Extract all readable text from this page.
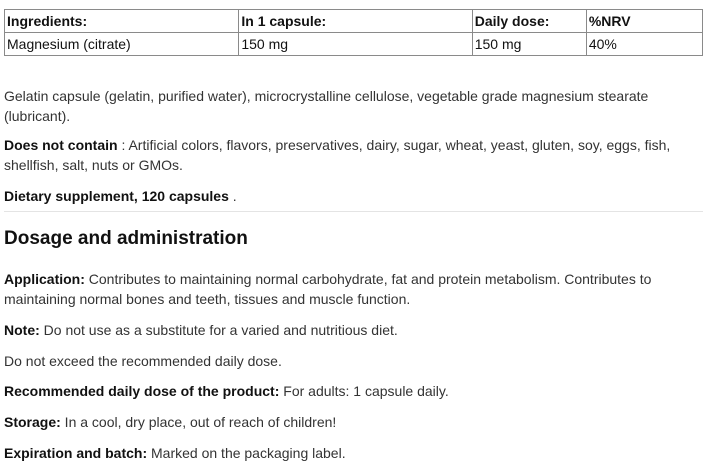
Ingredients:	In 1 capsule:	Daily dose:	%NRV
Magnesium (citrate)	150 mg	150 mg	40%

Gelatin capsule (gelatin, purified water), microcrystalline cellulose, vegetable grade magnesium stearate (lubricant).

Does not contain : Artificial colors, flavors, preservatives, dairy, sugar, wheat, yeast, gluten, soy, eggs, fish, shellfish, salt, nuts or GMOs.

Dietary supplement, 120 capsules .

Dosage and administration

Application: Contributes to maintaining normal carbohydrate, fat and protein metabolism. Contributes to maintaining normal bones and teeth, tissues and muscle function.

Note: Do not use as a substitute for a varied and nutritious diet.

Do not exceed the recommended daily dose.

Recommended daily dose of the product: For adults: 1 capsule daily.

Storage: In a cool, dry place, out of reach of children!

Expiration and batch: Marked on the packaging label.
